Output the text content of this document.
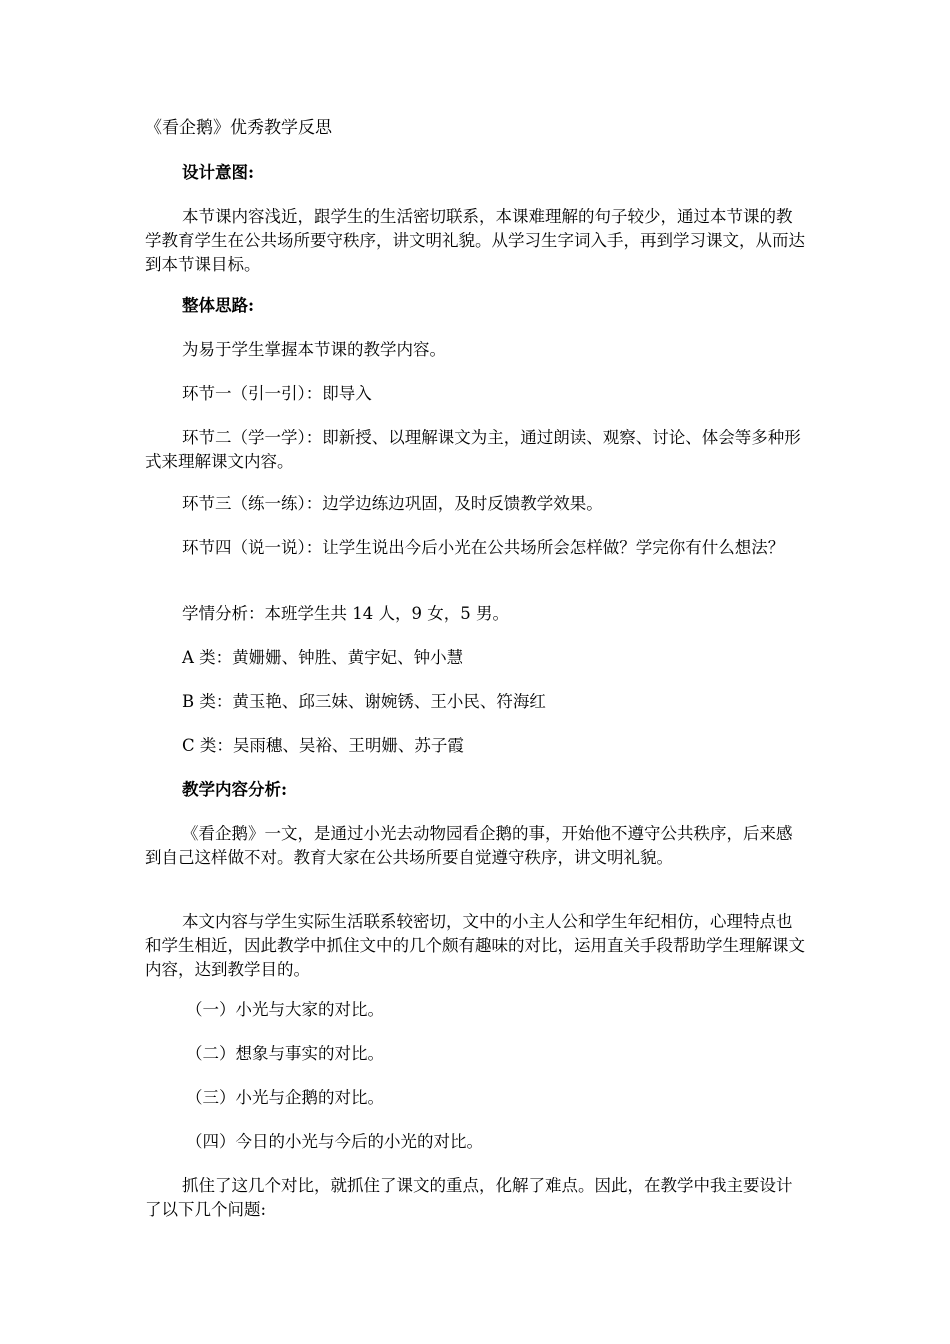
《看企鹅》优秀教学反思

设计意图:

本节课内容浅近，跟学生的生活密切联系，本课难理解的句子较少，通过本节课的教学教育学生在公共场所要守秩序，讲文明礼貌。从学习生字词入手，再到学习课文，从而达到本节课目标。

整体思路:

为易于学生掌握本节课的教学内容。

环节一（引一引）：即导入

环节二（学一学）：即新授、以理解课文为主，通过朗读、观察、讨论、体会等多种形式来理解课文内容。

环节三（练一练）：边学边练边巩固，及时反馈教学效果。

环节四（说一说）：让学生说出今后小光在公共场所会怎样做？学完你有什么想法？

学情分析：本班学生共 14 人，9 女，5 男。

A 类：黄姗姗、钟胜、黄宇妃、钟小慧

B 类：黄玉艳、邱三妹、谢婉锈、王小民、符海红

C 类：吴雨穗、吴裕、王明姗、苏子霞

教学内容分析:

《看企鹅》一文，是通过小光去动物园看企鹅的事，开始他不遵守公共秩序，后来感到自己这样做不对。教育大家在公共场所要自觉遵守秩序，讲文明礼貌。

本文内容与学生实际生活联系较密切，文中的小主人公和学生年纪相仿，心理特点也和学生相近，因此教学中抓住文中的几个颇有趣味的对比，运用直关手段帮助学生理解课文内容，达到教学目的。

（一）小光与大家的对比。

（二）想象与事实的对比。

（三）小光与企鹅的对比。

（四）今日的小光与今后的小光的对比。

抓住了这几个对比，就抓住了课文的重点，化解了难点。因此，在教学中我主要设计了以下几个问题:
